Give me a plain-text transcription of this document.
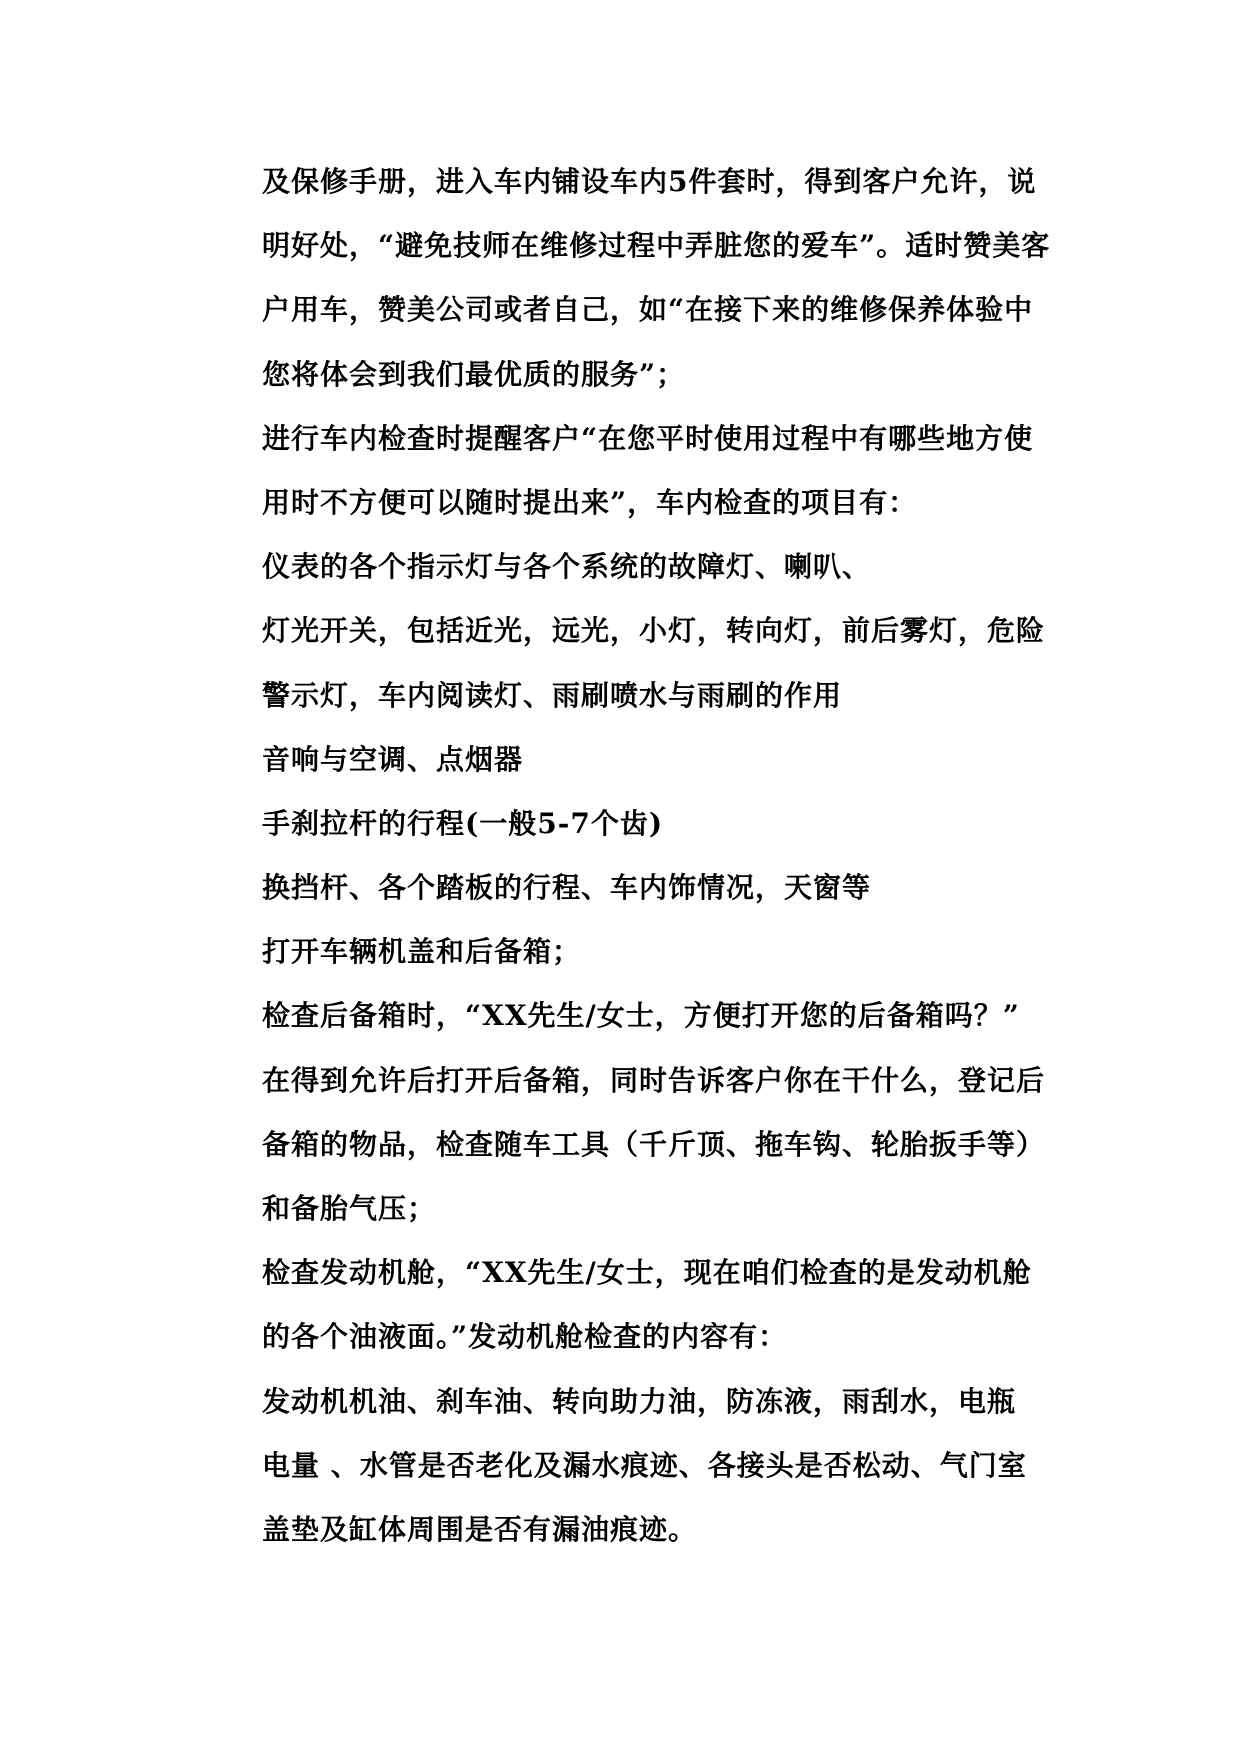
及保修手册，进入车内铺设车内5件套时，得到客户允许，说
明好处，“避免技师在维修过程中弄脏您的爱车”。适时赞美客
户用车，赞美公司或者自己，如“在接下来的维修保养体验中
您将体会到我们最优质的服务”；
进行车内检查时提醒客户“在您平时使用过程中有哪些地方使
用时不方便可以随时提出来”，车内检查的项目有：
仪表的各个指示灯与各个系统的故障灯、喇叭、
灯光开关，包括近光，远光，小灯，转向灯，前后雾灯，危险
警示灯，车内阅读灯、雨刷喷水与雨刷的作用
音响与空调、点烟器
手刹拉杆的行程(一般5-7个齿)
换挡杆、各个踏板的行程、车内饰情况，天窗等
打开车辆机盖和后备箱；
检查后备箱时，“XX先生/女士，方便打开您的后备箱吗？”
在得到允许后打开后备箱，同时告诉客户你在干什么，登记后
备箱的物品，检查随车工具（千斤顶、拖车钩、轮胎扳手等）
和备胎气压；
检查发动机舱，“XX先生/女士，现在咱们检查的是发动机舱
的各个油液面。”发动机舱检查的内容有：
发动机机油、刹车油、转向助力油，防冻液，雨刮水，电瓶
电量 、水管是否老化及漏水痕迹、各接头是否松动、气门室
盖垫及缸体周围是否有漏油痕迹。
